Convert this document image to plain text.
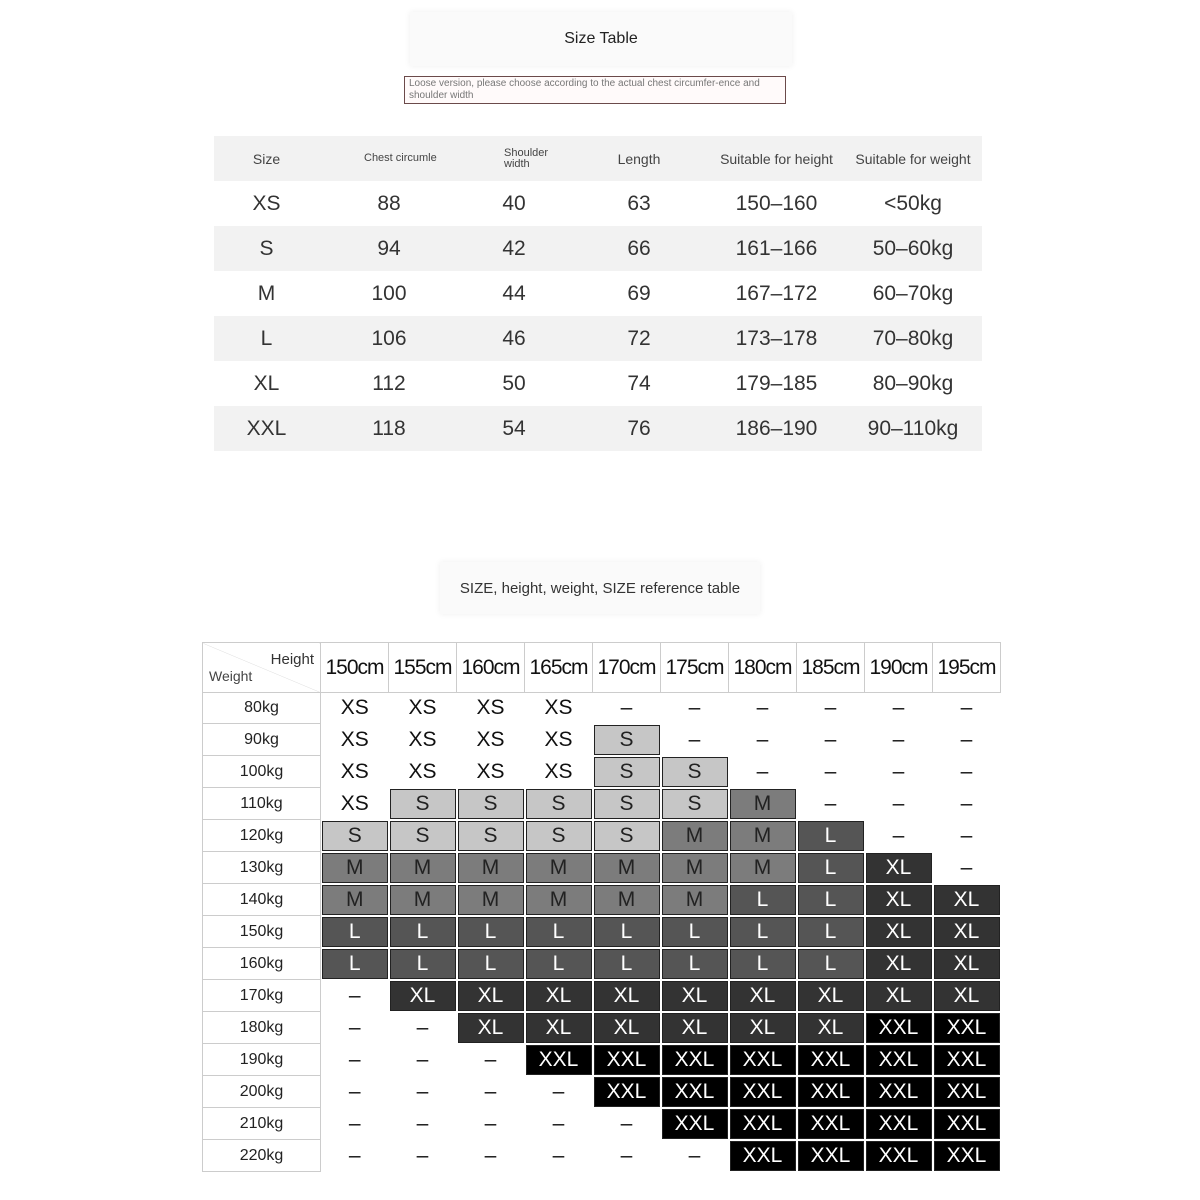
Size Table
Loose version, please choose according to the actual chest circumfer-ence and shoulder width
Size	Chest circumle	Shoulder width	Length	Suitable for height	Suitable for weight
XS	88	40	63	150–160	<50kg
S	94	42	66	161–166	50–60kg
M	100	44	69	167–172	60–70kg
L	106	46	72	173–178	70–80kg
XL	112	50	74	179–185	80–90kg
XXL	118	54	76	186–190	90–110kg
SIZE, height, weight, SIZE reference table
Height
Weight	150cm	155cm	160cm	165cm	170cm	175cm	180cm	185cm	190cm	195cm
80kg	XS	XS	XS	XS	–	–	–	–	–	–

90kg	XS	XS	XS	XS	S	–	–	–	–	–

100kg	XS	XS	XS	XS	S	S	–	–	–	–

110kg	XS	S	S	S	S	S	M	–	–	–

120kg	S	S	S	S	S	M	M	L	–	–

130kg	M	M	M	M	M	M	M	L	XL	–

140kg	M	M	M	M	M	M	L	L	XL	XL

150kg	L	L	L	L	L	L	L	L	XL	XL

160kg	L	L	L	L	L	L	L	L	XL	XL

170kg	–	XL	XL	XL	XL	XL	XL	XL	XL	XL

180kg	–	–	XL	XL	XL	XL	XL	XL	XXL	XXL

190kg	–	–	–	XXL	XXL	XXL	XXL	XXL	XXL	XXL

200kg	–	–	–	–	XXL	XXL	XXL	XXL	XXL	XXL

210kg	–	–	–	–	–	XXL	XXL	XXL	XXL	XXL

220kg	–	–	–	–	–	–	XXL	XXL	XXL	XXL
